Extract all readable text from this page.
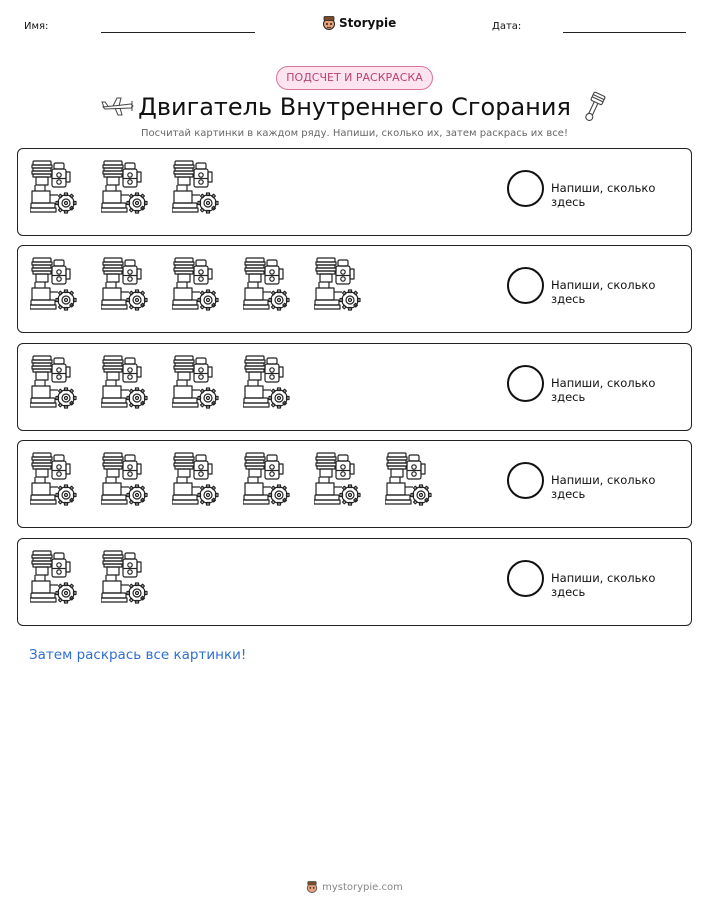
Имя:	Storypie	Дата:
ПОДСЧЕТ И РАСКРАСКА
Двигатель Внутреннего Сгорания
Посчитай картинки в каждом ряду. Напиши, сколько их, затем раскрась их все!
Напиши, сколько здесь
Напиши, сколько здесь
Напиши, сколько здесь
Напиши, сколько здесь
Напиши, сколько здесь
Затем раскрась все картинки!
mystorypie.com
